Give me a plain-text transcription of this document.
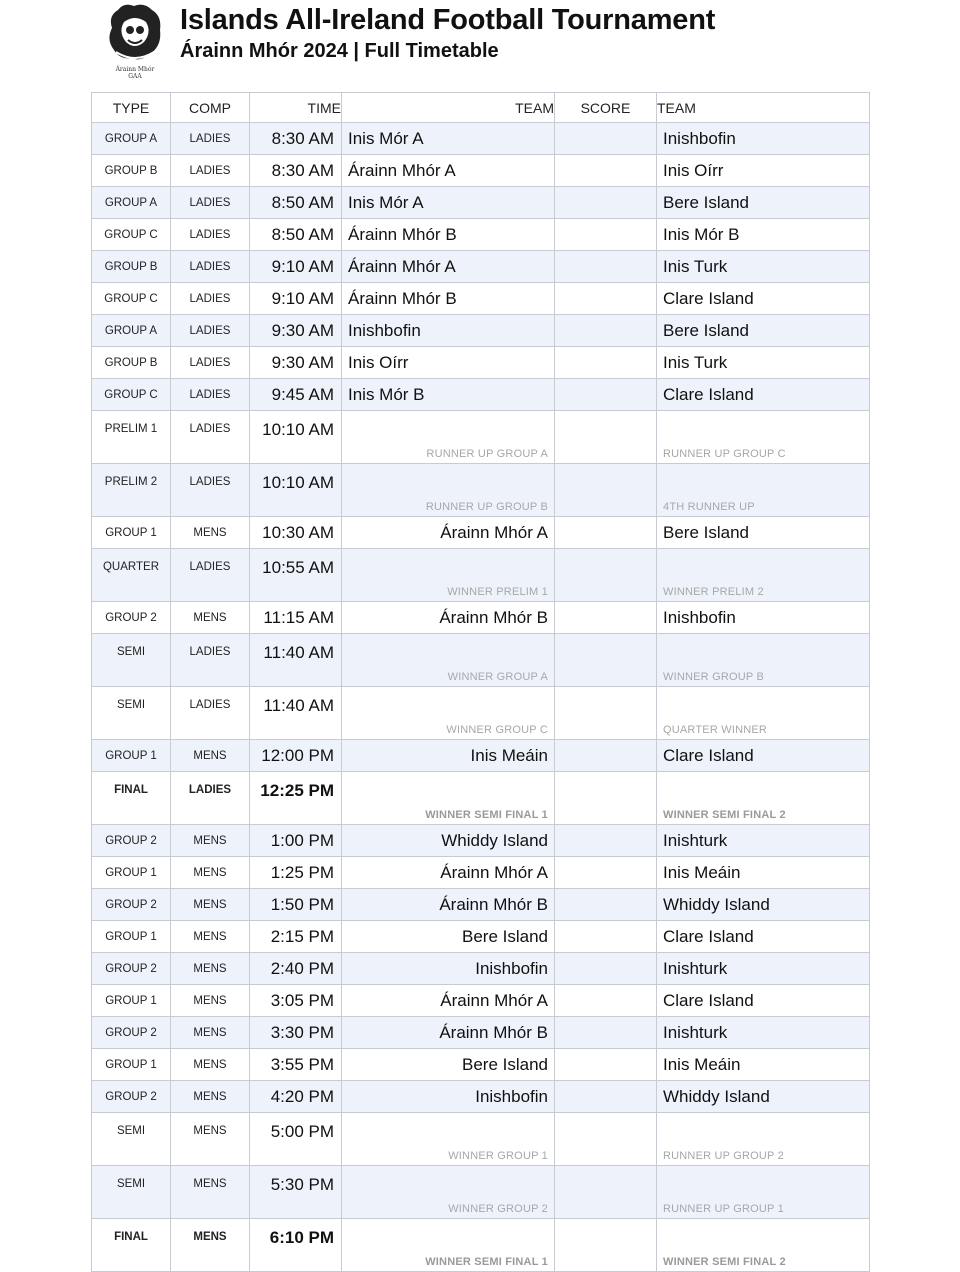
Árainn Mhór
GAA
Islands All-Ireland Football Tournament
Árainn Mhór 2024 | Full Timetable
TYPE	COMP	TIME	TEAM	SCORE	TEAM
GROUP A	LADIES	8:30 AM	Inis Mór A		Inishbofin
GROUP B	LADIES	8:30 AM	Árainn Mhór A		Inis Oírr
GROUP A	LADIES	8:50 AM	Inis Mór A		Bere Island
GROUP C	LADIES	8:50 AM	Árainn Mhór B		Inis Mór B
GROUP B	LADIES	9:10 AM	Árainn Mhór A		Inis Turk
GROUP C	LADIES	9:10 AM	Árainn Mhór B		Clare Island
GROUP A	LADIES	9:30 AM	Inishbofin		Bere Island
GROUP B	LADIES	9:30 AM	Inis Oírr		Inis Turk
GROUP C	LADIES	9:45 AM	Inis Mór B		Clare Island
PRELIM 1	LADIES	10:10 AM	RUNNER UP GROUP A		RUNNER UP GROUP C
PRELIM 2	LADIES	10:10 AM	RUNNER UP GROUP B		4TH RUNNER UP
GROUP 1	MENS	10:30 AM	Árainn Mhór A		Bere Island
QUARTER	LADIES	10:55 AM	WINNER PRELIM 1		WINNER PRELIM 2
GROUP 2	MENS	11:15 AM	Árainn Mhór B		Inishbofin
SEMI	LADIES	11:40 AM	WINNER GROUP A		WINNER GROUP B
SEMI	LADIES	11:40 AM	WINNER GROUP C		QUARTER WINNER
GROUP 1	MENS	12:00 PM	Inis Meáin		Clare Island
FINAL	LADIES	12:25 PM	WINNER SEMI FINAL 1		WINNER SEMI FINAL 2
GROUP 2	MENS	1:00 PM	Whiddy Island		Inishturk
GROUP 1	MENS	1:25 PM	Árainn Mhór A		Inis Meáin
GROUP 2	MENS	1:50 PM	Árainn Mhór B		Whiddy Island
GROUP 1	MENS	2:15 PM	Bere Island		Clare Island
GROUP 2	MENS	2:40 PM	Inishbofin		Inishturk
GROUP 1	MENS	3:05 PM	Árainn Mhór A		Clare Island
GROUP 2	MENS	3:30 PM	Árainn Mhór B		Inishturk
GROUP 1	MENS	3:55 PM	Bere Island		Inis Meáin
GROUP 2	MENS	4:20 PM	Inishbofin		Whiddy Island
SEMI	MENS	5:00 PM	WINNER GROUP 1		RUNNER UP GROUP 2
SEMI	MENS	5:30 PM	WINNER GROUP 2		RUNNER UP GROUP 1
FINAL	MENS	6:10 PM	WINNER SEMI FINAL 1		WINNER SEMI FINAL 2
